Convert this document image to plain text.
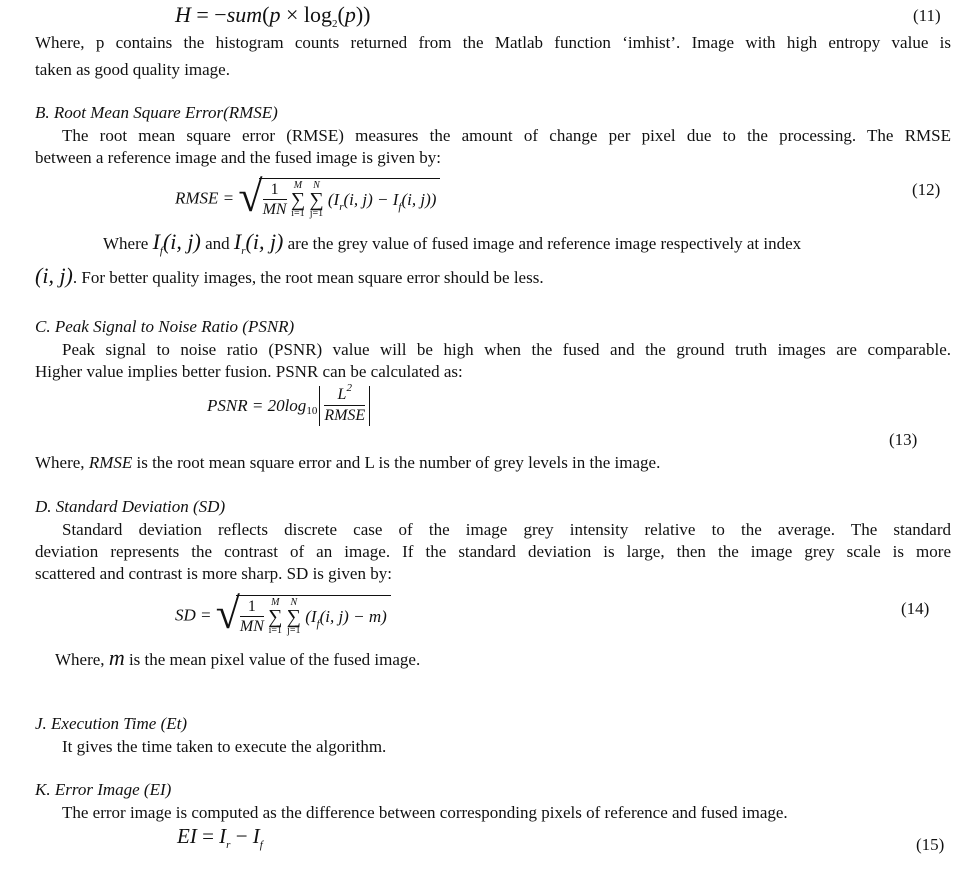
$H = -sum(p \times \log_2(p))$	(11)
Where, p contains the histogram counts returned from the Matlab function ‘imhist’. Image with high entropy value is
taken as good quality image.
B. Root Mean Square Error(RMSE)
The root mean square error (RMSE) measures the amount of change per pixel due to the processing. The RMSE
between a reference image and the fused image is given by:
RMSE = √ $\frac{1}{MN}$ M
∑
i=1 N
∑
j=1 ($I_r(i$, $j) - I_f(i$, j))
(12)
Where $I_f(i$, j) and $I_r(i$, j) are the grey value of fused image and reference image respectively at index
(i, j). For better quality images, the root mean square error should be less.
C. Peak Signal to Noise Ratio (PSNR)
Peak signal to noise ratio (PSNR) value will be high when the fused and the ground truth images are comparable.
Higher value implies better fusion. PSNR can be calculated as:
PSNR = $20\log_{10} \frac{L^2}{\text{RMSE}}$
(13)
Where, RMSE is the root mean square error and L is the number of grey levels in the image.
D. Standard Deviation (SD)
Standard deviation reflects discrete case of the image grey intensity relative to the average. The standard
deviation represents the contrast of an image. If the standard deviation is large, then the image grey scale is more
scattered and contrast is more sharp. SD is given by:
SD = √ $\frac{1}{MN}$ M
∑
i=1 N
∑
j=1 ($I_f(i$, j) − m)	(14)
Where, m is the mean pixel value of the fused image.
J. Execution Time (Et)
It gives the time taken to execute the algorithm.
K. Error Image (EI)
The error image is computed as the difference between corresponding pixels of reference and fused image.
EI = $I_r - I_f$	(15)
